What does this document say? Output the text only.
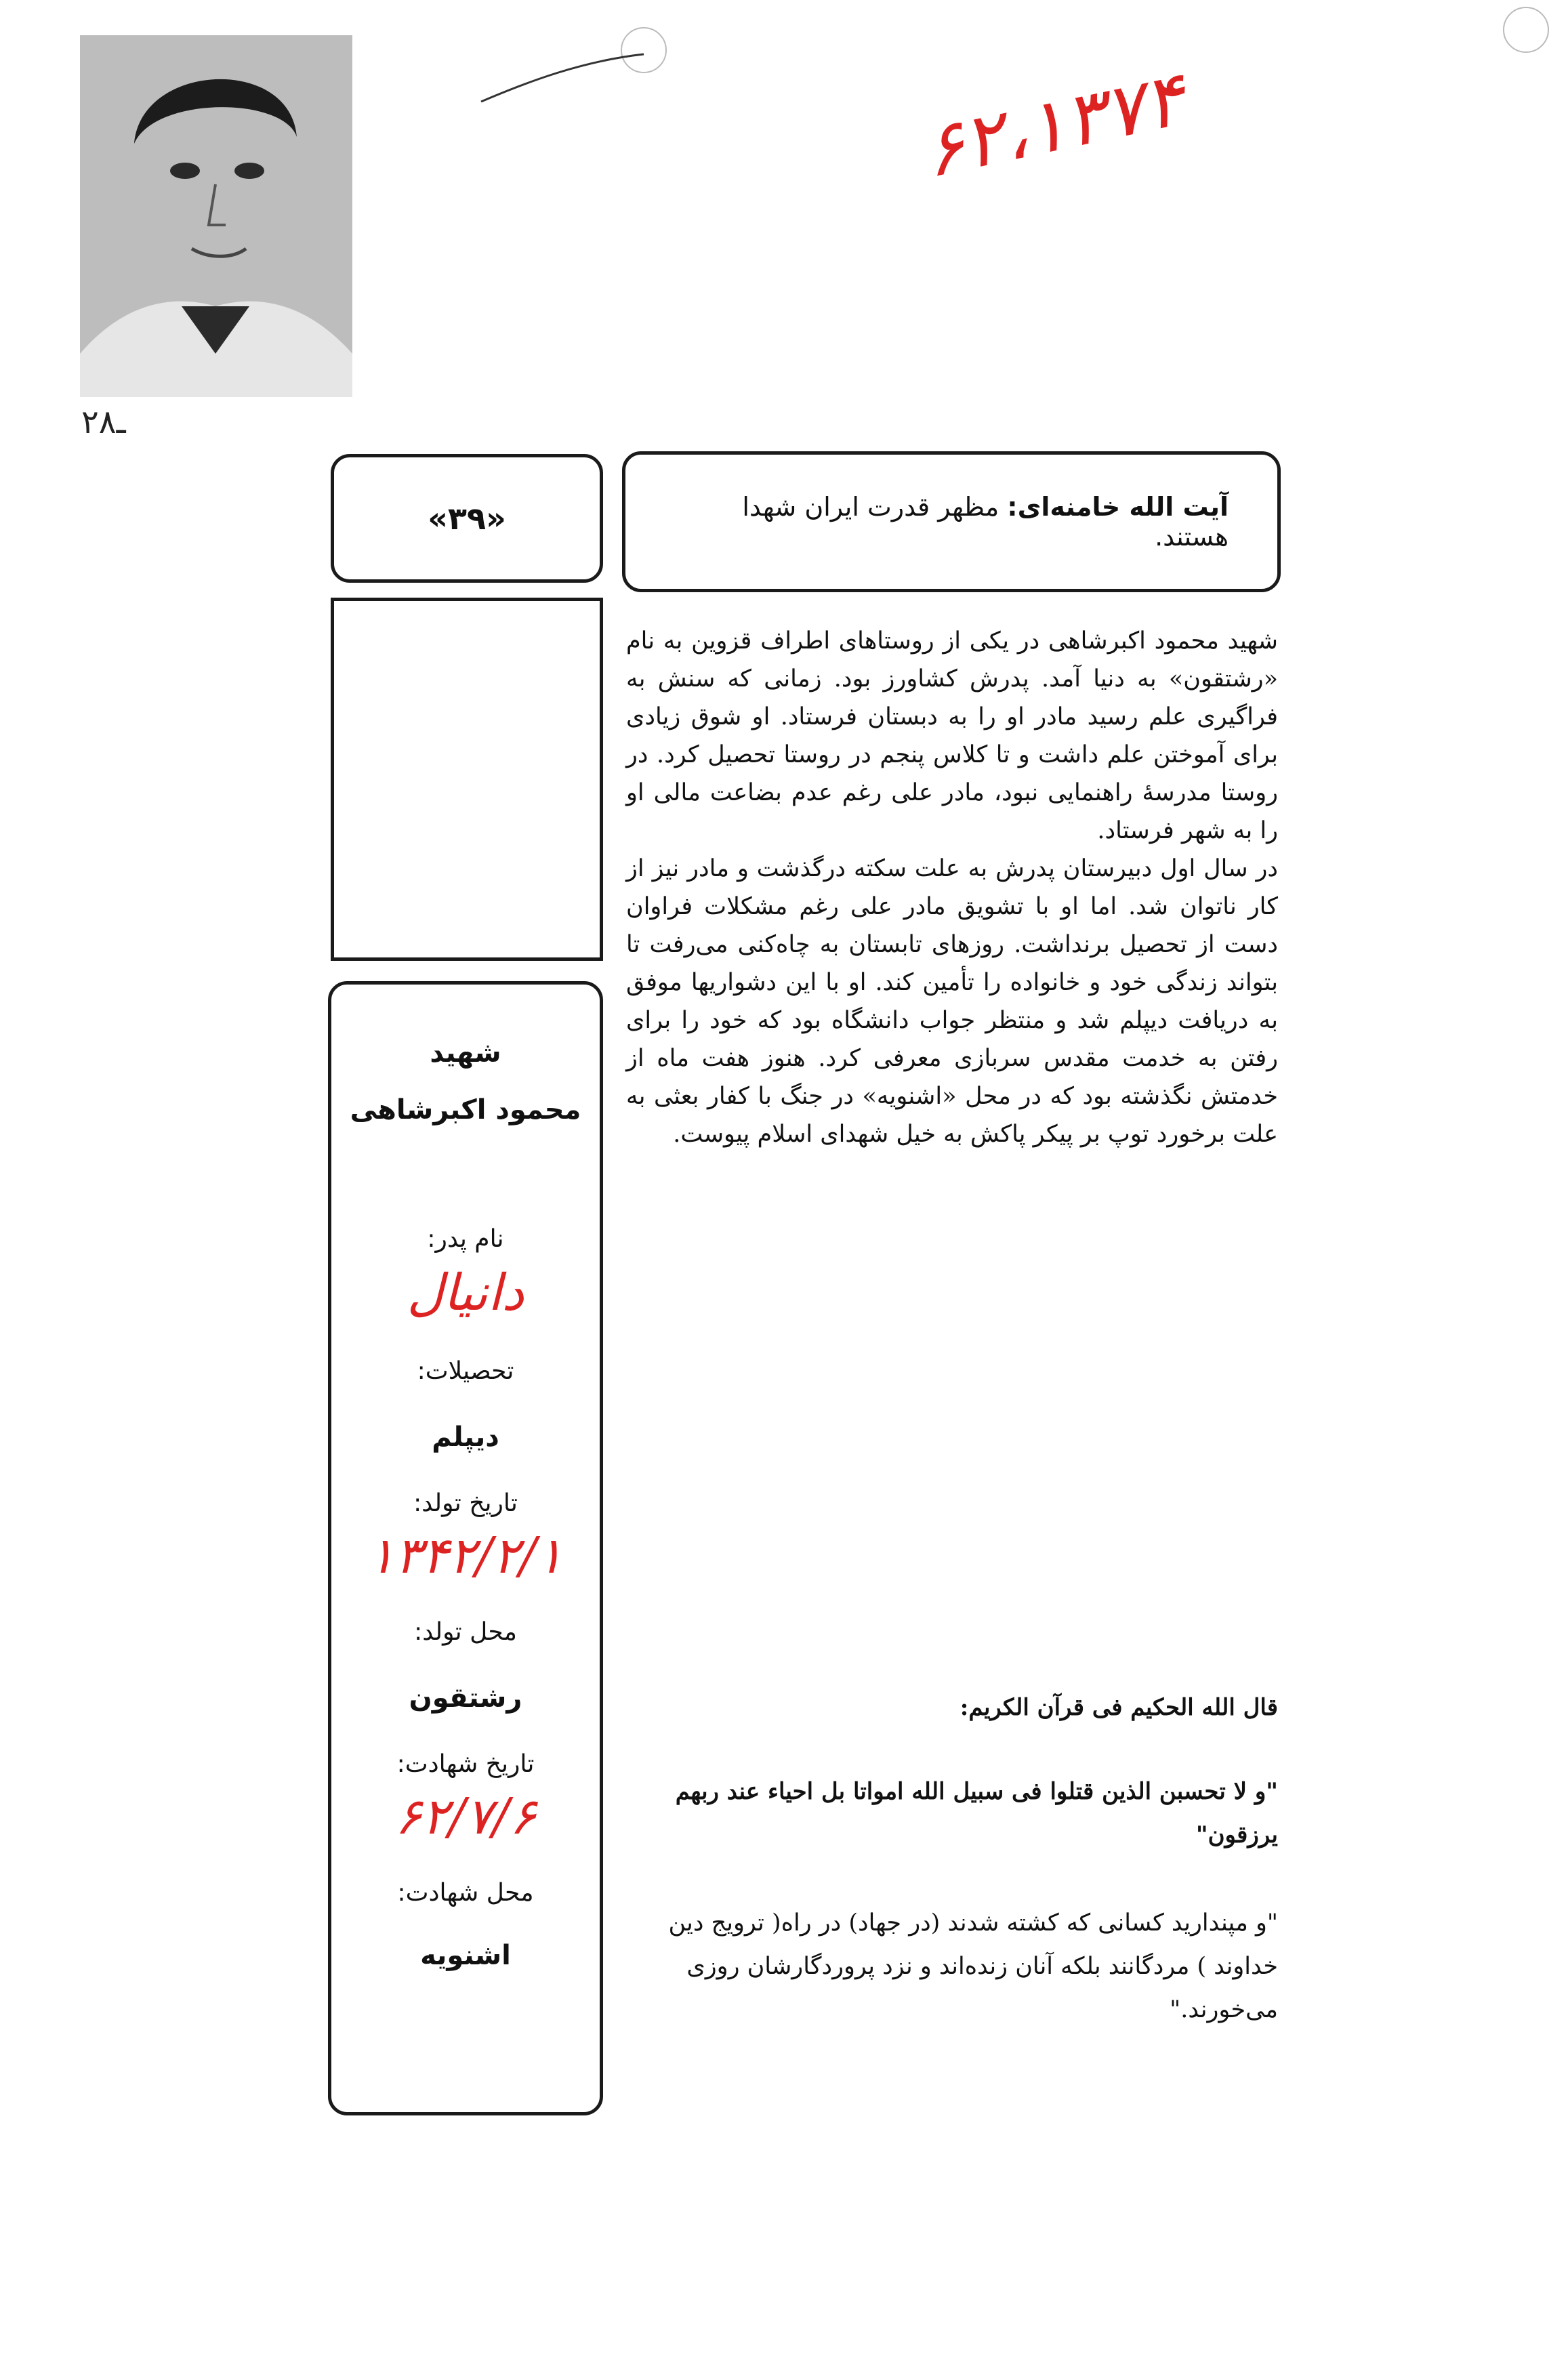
۲۸ـ
۶۲،۱۳۷۴
آیت الله خامنه‌ای: مظهر قدرت ایران شهدا هستند.
«۳۹»
شهید
محمود اکبرشاهی
نام پدر:
دانیال
تحصیلات:
دیپلم
تاریخ تولد:
۱۳۴۲/۲/۱
محل تولد:
رشتقون
تاریخ شهادت:
۶۲/۷/۶
محل شهادت:
اشنویه

شهید محمود اکبرشاهی در یکی از روستاهای اطراف قزوین به نام «رشتقون» به دنیا آمد. پدرش کشاورز بود. زمانی که سنش به فراگیری علم رسید مادر او را به دبستان فرستاد. او شوق زیادی برای آموختن علم داشت و تا کلاس پنجم در روستا تحصیل کرد. در روستا مدرسهٔ راهنمایی نبود، مادر علی رغم عدم بضاعت مالی او را به شهر فرستاد.

در سال اول دبیرستان پدرش به علت سکته درگذشت و مادر نیز از کار ناتوان شد. اما او با تشویق مادر علی رغم مشکلات فراوان دست از تحصیل برنداشت. روزهای تابستان به چاه‌کنی می‌رفت تا بتواند زندگی خود و خانواده را تأمین کند. او با این دشواریها موفق به دریافت دیپلم شد و منتظر جواب دانشگاه بود که خود را برای رفتن به خدمت مقدس سربازی معرفی کرد. هنوز هفت ماه از خدمتش نگذشته بود که در محل «اشنویه» در جنگ با کفار بعثی به علت برخورد توپ بر پیکر پاکش به خیل شهدای اسلام پیوست.

قال الله الحکیم فی قرآن الکریم:
"و لا تحسبن الذین قتلوا فی سبیل الله امواتا بل احیاء عند ربهم یرزقون"
"و مپندارید کسانی که کشته شدند (در جهاد) در راه( ترویج دین خداوند ) مردگانند بلکه آنان زنده‌اند و نزد پروردگارشان روزی می‌خورند."
